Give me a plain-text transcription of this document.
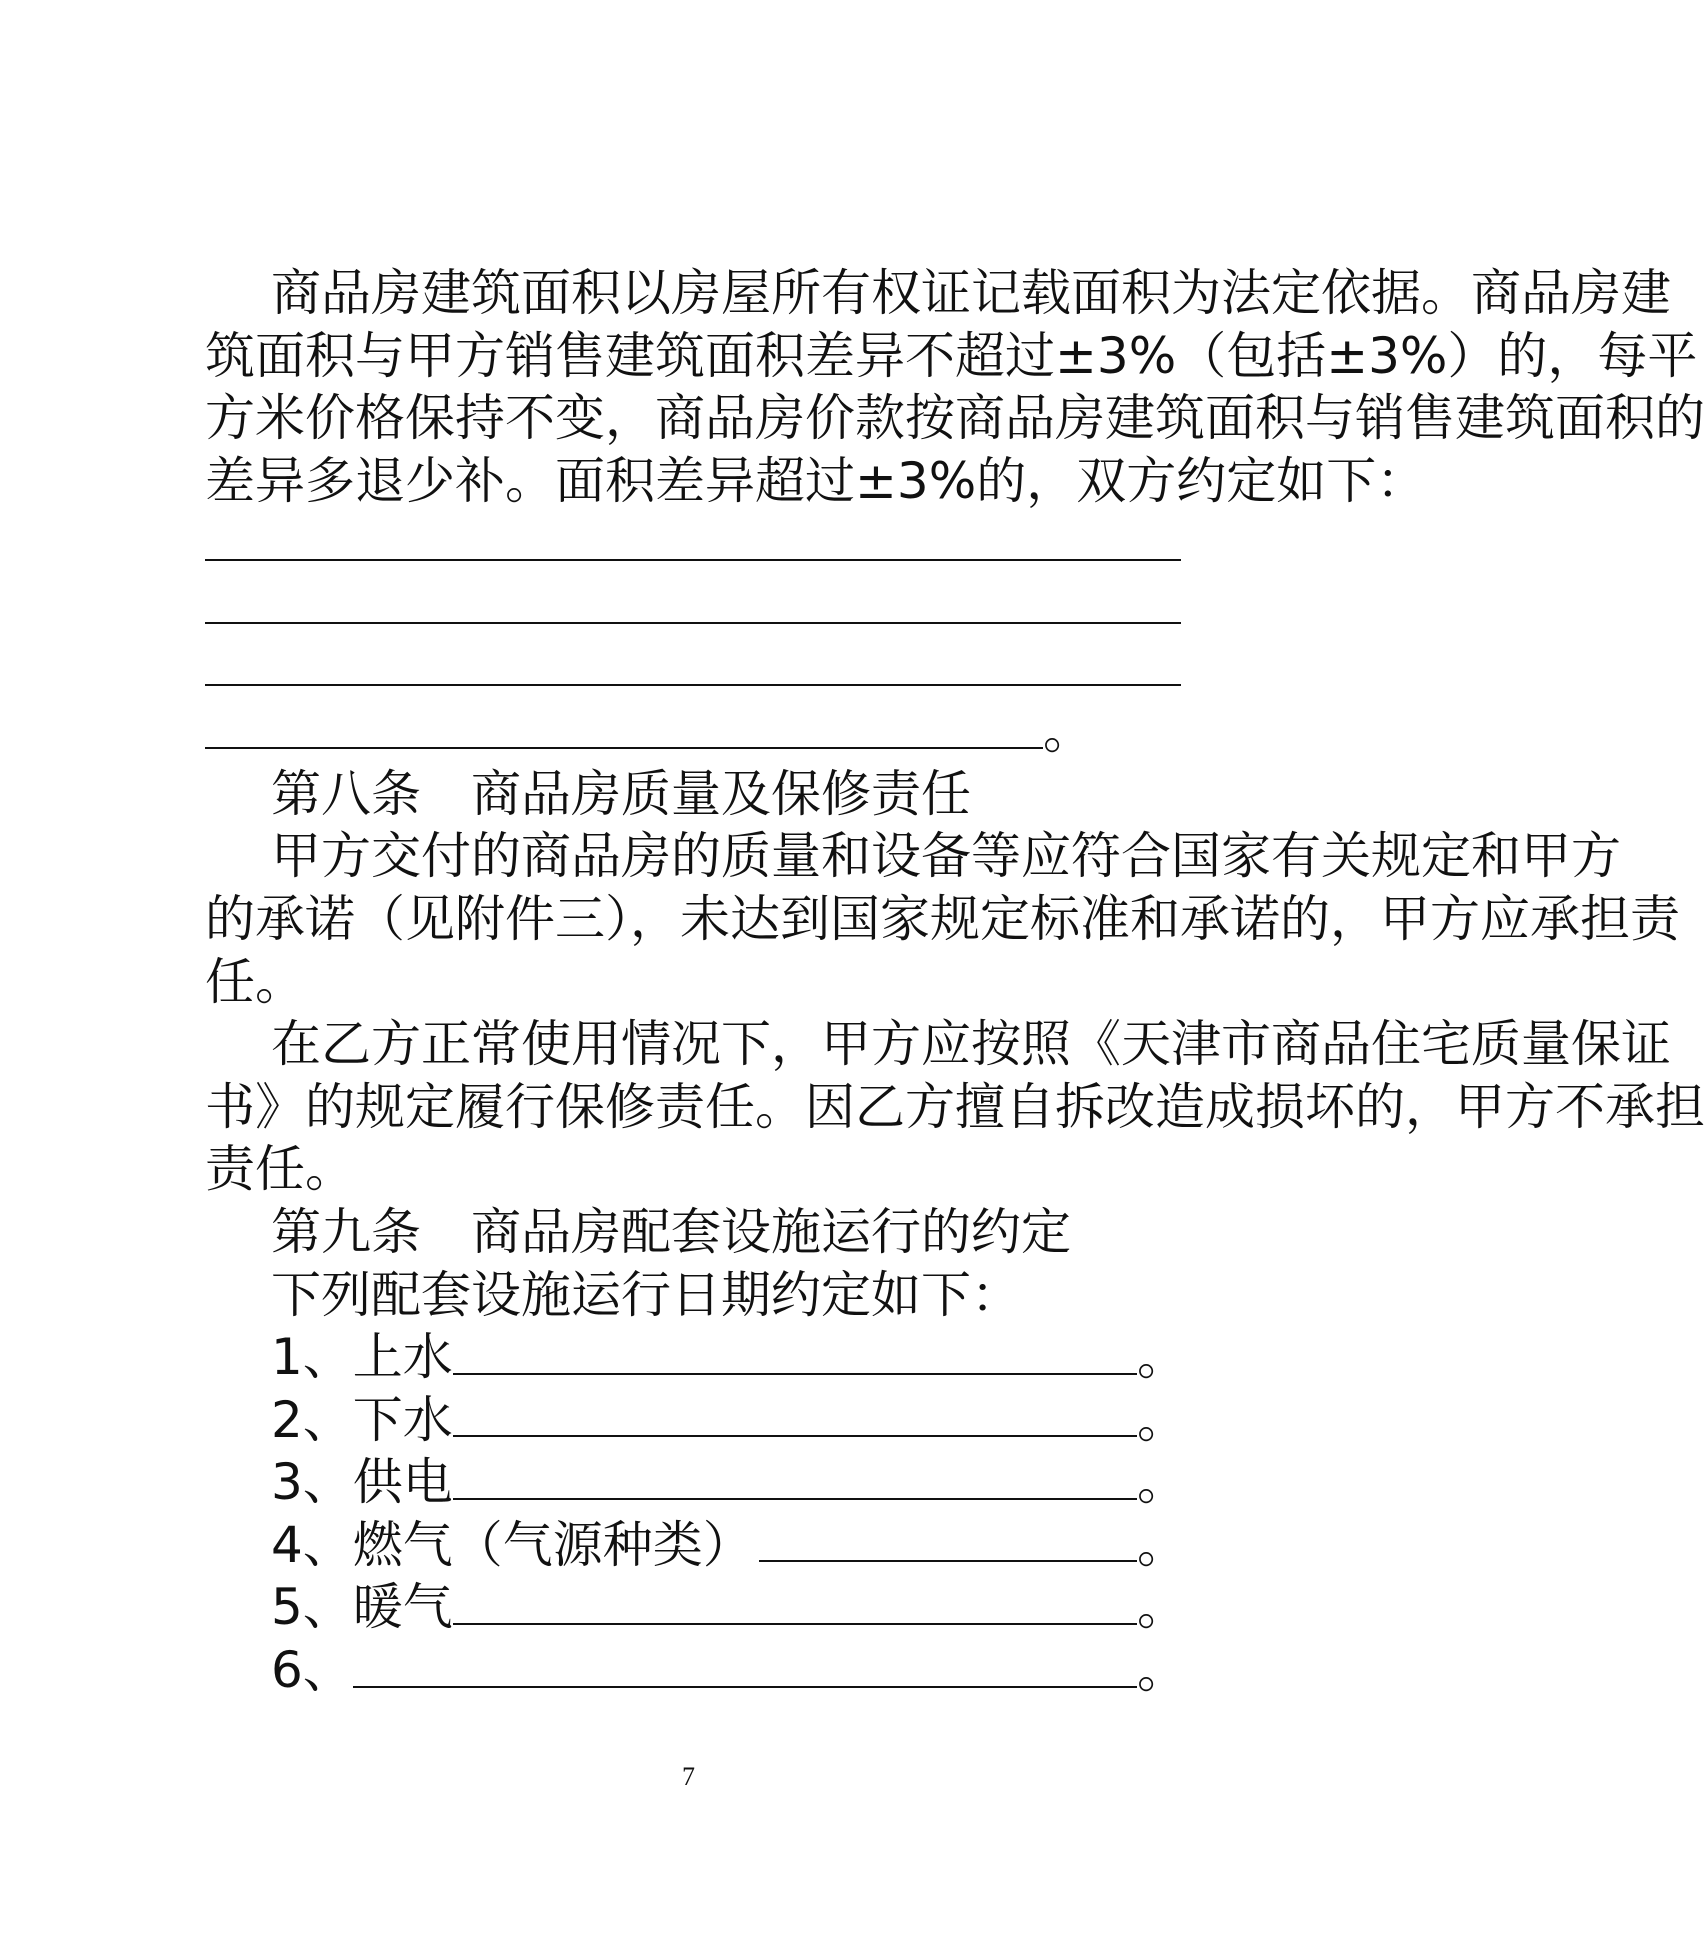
商品房建筑面积以房屋所有权证记载面积为法定依据。商品房建
筑面积与甲方销售建筑面积差异不超过±3%（包括±3%）的，每平
方米价格保持不变，商品房价款按商品房建筑面积与销售建筑面积的
差异多退少补。面积差异超过±3%的，双方约定如下：
。
第八条　商品房质量及保修责任
甲方交付的商品房的质量和设备等应符合国家有关规定和甲方
的承诺（见附件三），未达到国家规定标准和承诺的，甲方应承担责
任。
在乙方正常使用情况下，甲方应按照《天津市商品住宅质量保证
书》的规定履行保修责任。因乙方擅自拆改造成损坏的，甲方不承担
责任。
第九条　商品房配套设施运行的约定
下列配套设施运行日期约定如下：
1、上水	。
2、下水	。
3、供电	。
4、燃气（气源种类）	。
5、暖气	。
6、	。
7
